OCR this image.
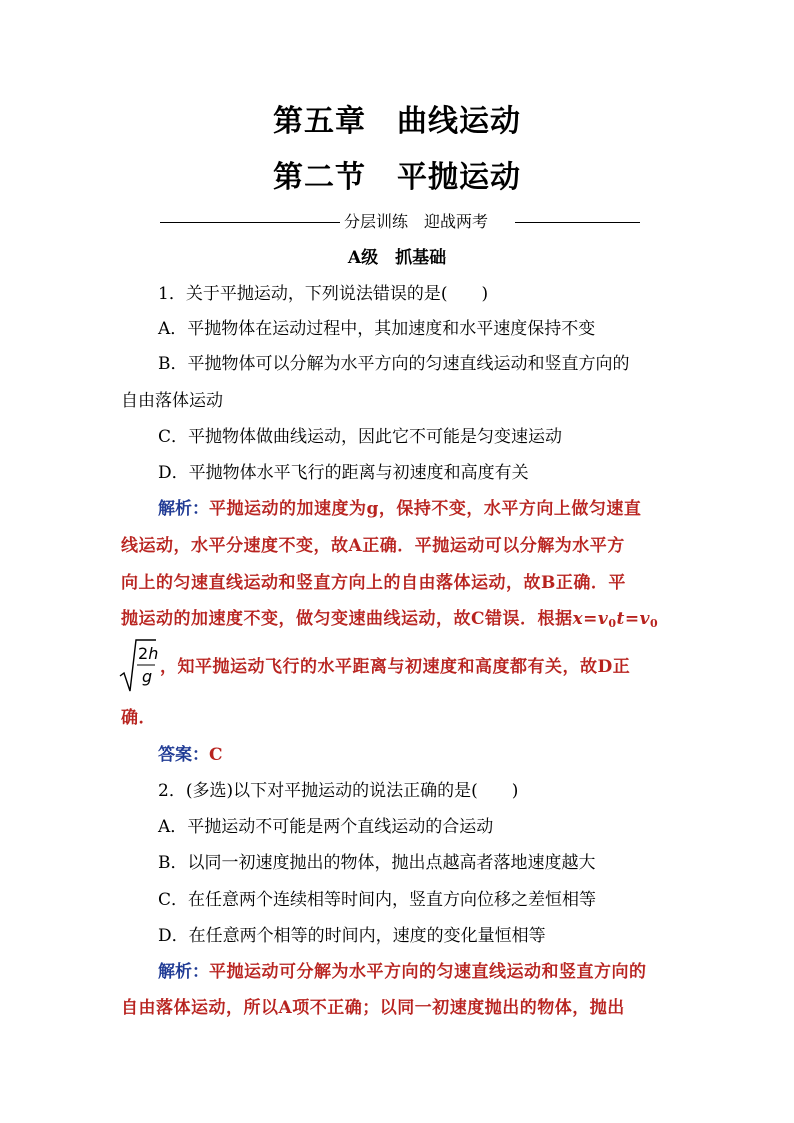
第五章　曲线运动
第二节　平抛运动
分层训练　迎战两考
A级　抓基础
1．关于平抛运动，下列说法错误的是(　　)
A．平抛物体在运动过程中，其加速度和水平速度保持不变
B．平抛物体可以分解为水平方向的匀速直线运动和竖直方向的
自由落体运动
C．平抛物体做曲线运动，因此它不可能是匀变速运动
D．平抛物体水平飞行的距离与初速度和高度有关
解析：平抛运动的加速度为g，保持不变，水平方向上做匀速直
线运动，水平分速度不变，故A正确．平抛运动可以分解为水平方
向上的匀速直线运动和竖直方向上的自由落体运动，故B正确．平
抛运动的加速度不变，做匀变速曲线运动，故C错误．根据$x=v_0t=v_0$
2h
g ，知平抛运动飞行的水平距离与初速度和高度都有关，故D正
确．
答案：C
2．(多选)以下对平抛运动的说法正确的是(　　)
A．平抛运动不可能是两个直线运动的合运动
B．以同一初速度抛出的物体，抛出点越高者落地速度越大
C．在任意两个连续相等时间内，竖直方向位移之差恒相等
D．在任意两个相等的时间内，速度的变化量恒相等
解析：平抛运动可分解为水平方向的匀速直线运动和竖直方向的
自由落体运动，所以A项不正确；以同一初速度抛出的物体，抛出
